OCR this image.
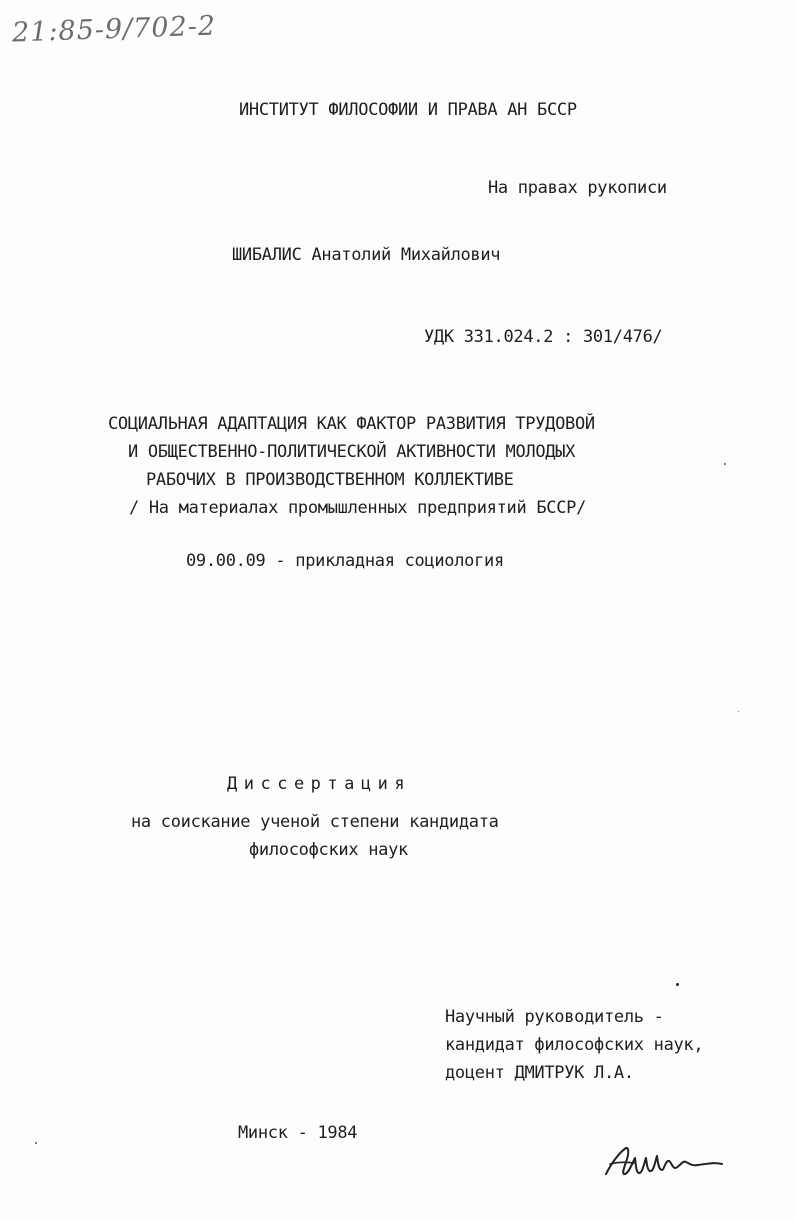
21:85-9/702-2
ИНСТИТУТ ФИЛОСОФИИ И ПРАВА АН БССР
На правах рукописи
ШИБАЛИС Анатолий Михайлович
УДК 331.024.2 : 301/476/
СОЦИАЛЬНАЯ АДАПТАЦИЯ КАК ФАКТОР РАЗВИТИЯ ТРУДОВОЙ
И ОБЩЕСТВЕННО-ПОЛИТИЧЕСКОЙ АКТИВНОСТИ МОЛОДЫХ
РАБОЧИХ В ПРОИЗВОДСТВЕННОМ КОЛЛЕКТИВЕ
/ На материалах промышленных предприятий БССР/
09.00.09 - прикладная социология
Диссертация
на соискание ученой степени кандидата
философских наук
Научный руководитель -
кандидат философских наук,
доцент ДМИТРУК Л.А.
Минск - 1984
